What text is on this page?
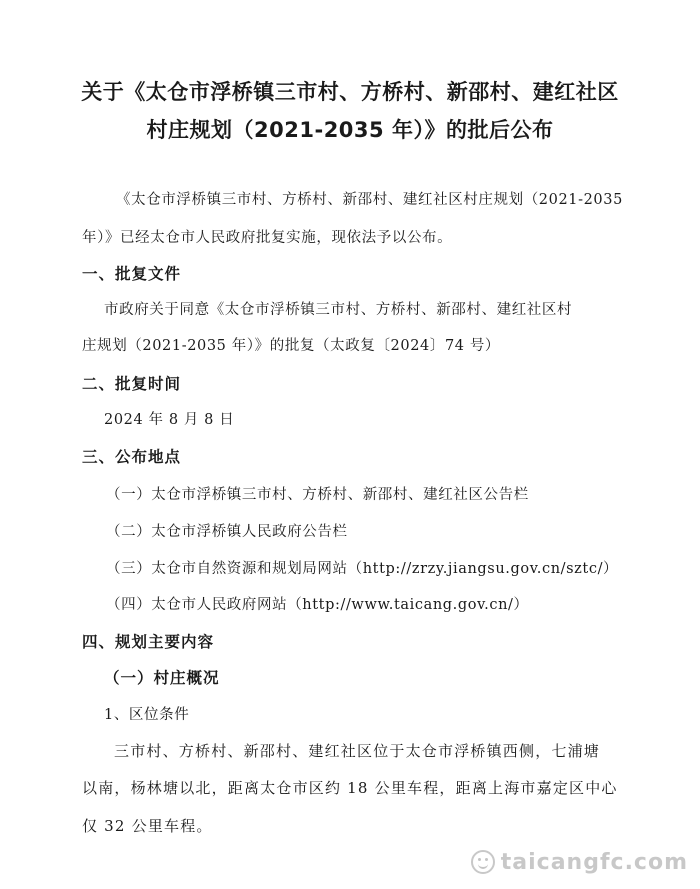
关于《太仓市浮桥镇三市村、方桥村、新邵村、建红社区
村庄规划（2021-2035 年）》的批后公布
《太仓市浮桥镇三市村、方桥村、新邵村、建红社区村庄规划（2021-2035
年）》已经太仓市人民政府批复实施，现依法予以公布。
一、批复文件
市政府关于同意《太仓市浮桥镇三市村、方桥村、新邵村、建红社区村
庄规划（2021-2035 年）》的批复（太政复〔2024〕74 号）
二、批复时间
2024 年 8 月 8 日
三、公布地点
（一）太仓市浮桥镇三市村、方桥村、新邵村、建红社区公告栏
（二）太仓市浮桥镇人民政府公告栏
（三）太仓市自然资源和规划局网站（http://zrzy.jiangsu.gov.cn/sztc/）
（四）太仓市人民政府网站（http://www.taicang.gov.cn/）
四、规划主要内容
（一）村庄概况
1、区位条件
三市村、方桥村、新邵村、建红社区位于太仓市浮桥镇西侧，七浦塘
以南，杨林塘以北，距离太仓市区约 18 公里车程，距离上海市嘉定区中心
仅 32 公里车程。
taicangfc.com
